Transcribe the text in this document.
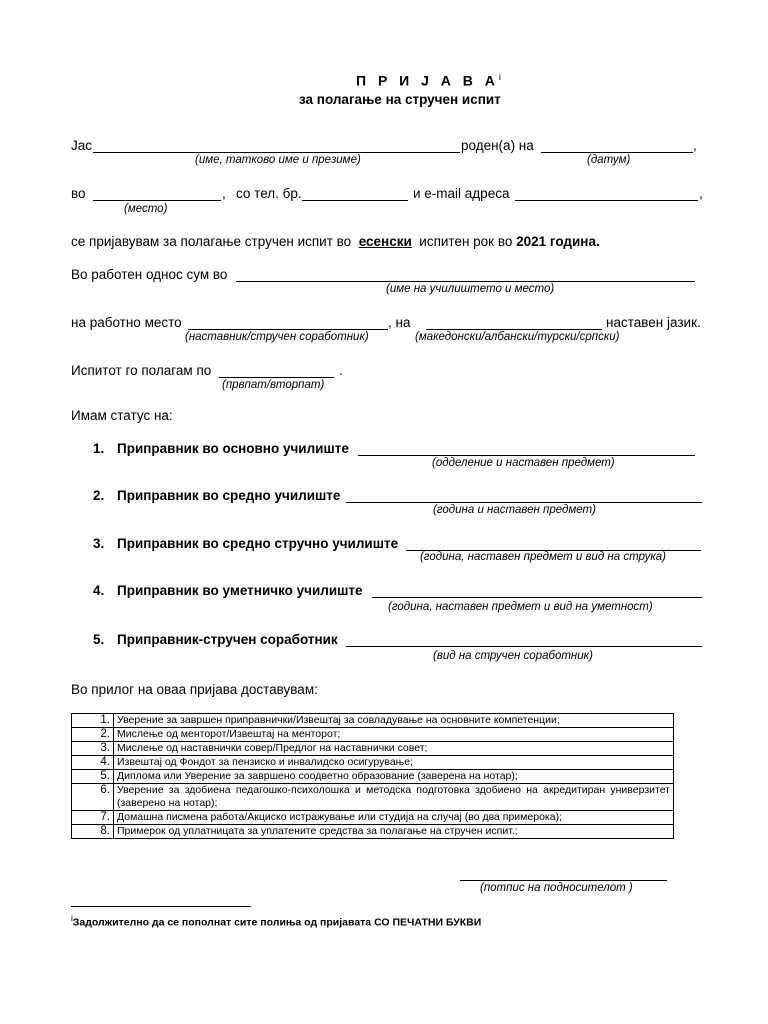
П Р И Ј А В $А^i$
за полагање на стручен испит
Јас	роден(а) на	,
(име, татково име и презиме)	(датум)
во	, со тел. бр.	и e-mail адреса	,
(место)
се пријавувам за полагање стручен испит во есенски испитен рок во 2021 година.
Во работен однос сум во
(име на училиштето и место)
на работно место	, на	наставен јазик.
(наставник/стручен соработник)	(македонски/албански/турски/српски)
Испитот го полагам по	.
(првпат/вторпат)
Имам статус на:
1. Приправник во основно училиште
(одделение и наставен предмет)
2. Приправник во средно училиште
(година и наставен предмет)
3. Приправник во средно стручно училиште
(година, наставен предмет и вид на струка)
4. Приправник во уметничко училиште
(година, наставен предмет и вид на уметност)
5. Приправник-стручен соработник
(вид на стручен соработник)
Во прилог на оваа пријава доставувам:
1.	Уверение за завршен приправнички/Извештај за совладување на основните компетенции;
2.	Мислење од менторот/Извештај на менторот;
3.	Мислење од наставнички совер/Предлог на наставнички совет;
4.	Извештај од Фондот за пензиско и инвалидско осигурување;
5.	Диплома или Уверение за завршено соодветно образование (заверена на нотар);
6.	Уверение за здобиена педагошко-психолошка и методска подготовка здобиено на акредитиран универзитет (заверено на нотар);
7.	Домашна писмена работа/Акциско истражување или студија на случај (во два примерока);
8.	Примерок од уплатницата за уплатените средства за полагање на стручен испит.;
(потпис на подносителот )
$^i$Задолжително да се пополнат сите полиња од пријавата СО ПЕЧАТНИ БУКВИ
